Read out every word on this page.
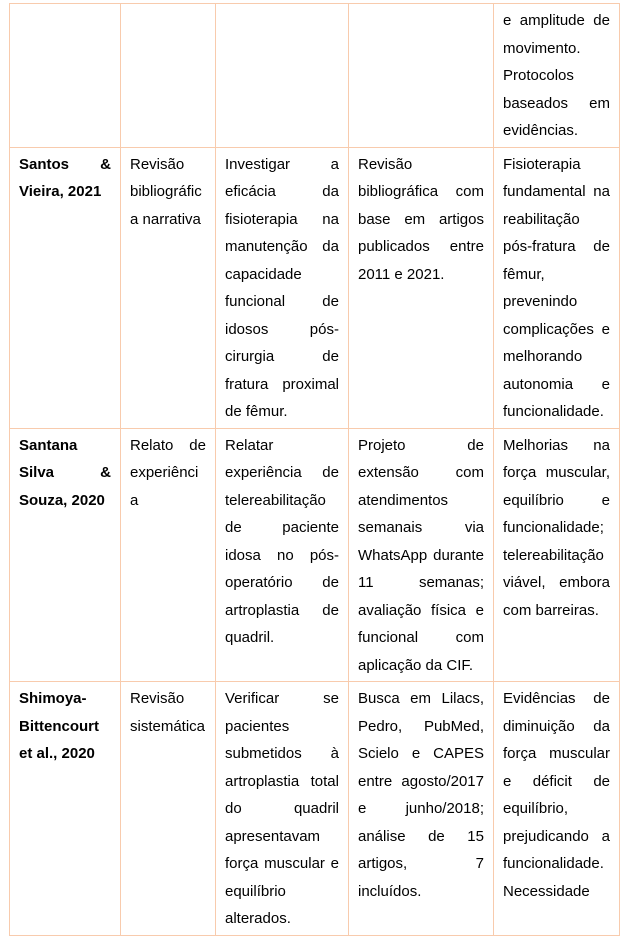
				e amplitude de movimento. Protocolos baseados em evidências.
Santos & Vieira, 2021	Revisão bibliográfica narrativa	Investigar a eficácia da fisioterapia na manutenção da capacidade funcional de idosos pós-cirurgia de fratura proximal de fêmur.	Revisão bibliográfica com base em artigos publicados entre 2011 e 2021.	Fisioterapia fundamental na reabilitação pós-fratura de fêmur, prevenindo complicações e melhorando autonomia e funcionalidade.
Santana Silva & Souza, 2020	Relato de experiência	Relatar experiência de telereabilitação de paciente idosa no pós-operatório de artroplastia de quadril.	Projeto de extensão com atendimentos semanais via WhatsApp durante 11 semanas; avaliação física e funcional com aplicação da CIF.	Melhorias na força muscular, equilíbrio e funcionalidade; telereabilitação viável, embora com barreiras.
Shimoya-Bittencourt et al., 2020	Revisão sistemática	Verificar se pacientes submetidos à artroplastia total do quadril apresentavam força muscular e equilíbrio alterados.	Busca em Lilacs, Pedro, PubMed, Scielo e CAPES entre agosto/2017 e junho/2018; análise de 15 artigos, 7 incluídos.	Evidências de diminuição da força muscular e déficit de equilíbrio, prejudicando a funcionalidade. Necessidade
